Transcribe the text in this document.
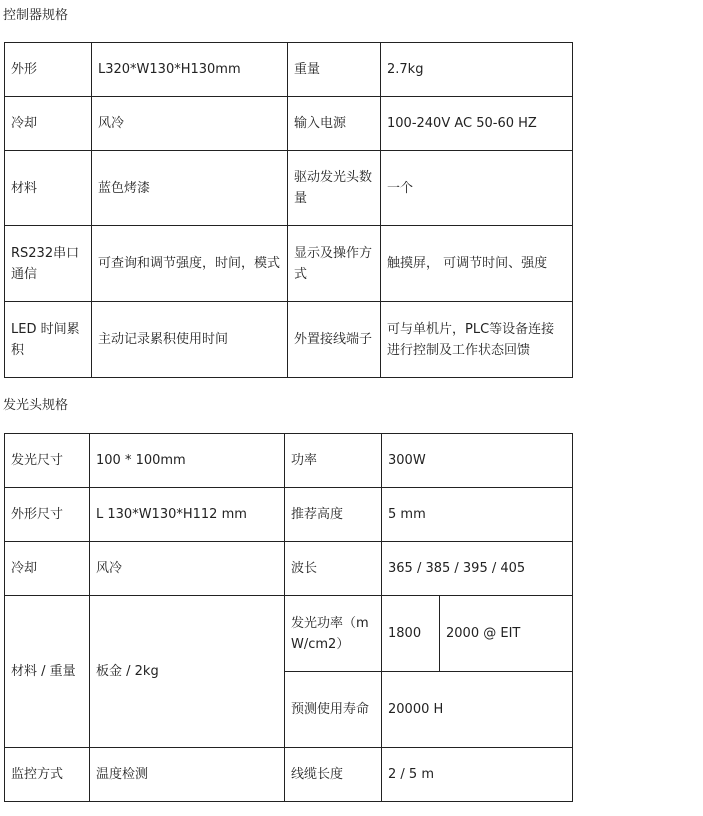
控制器规格
外形	L320*W130*H130mm	重量	2.7kg
冷却	风冷	输入电源	100-240V AC 50-60 HZ
材料	蓝色烤漆	驱动发光头数量	一个
RS232串口通信	可查询和调节强度，时间，模式	显示及操作方式	触摸屏， 可调节时间、强度
LED 时间累积	主动记录累积使用时间	外置接线端子	可与单机片，PLC等设备连接进行控制及工作状态回馈
发光头规格
发光尺寸	100 * 100mm	功率	300W	
外形尺寸	L 130*W130*H112 mm	推荐高度	5 mm	
冷却	风冷	波长	365 / 385 / 395 / 405	
材料 / 重量	板金 / 2kg	发光功率（mW/cm2）	1800	2000 @ EIT
		预测使用寿命	20000 H	
监控方式	温度检测	线缆长度	2 / 5 m	
